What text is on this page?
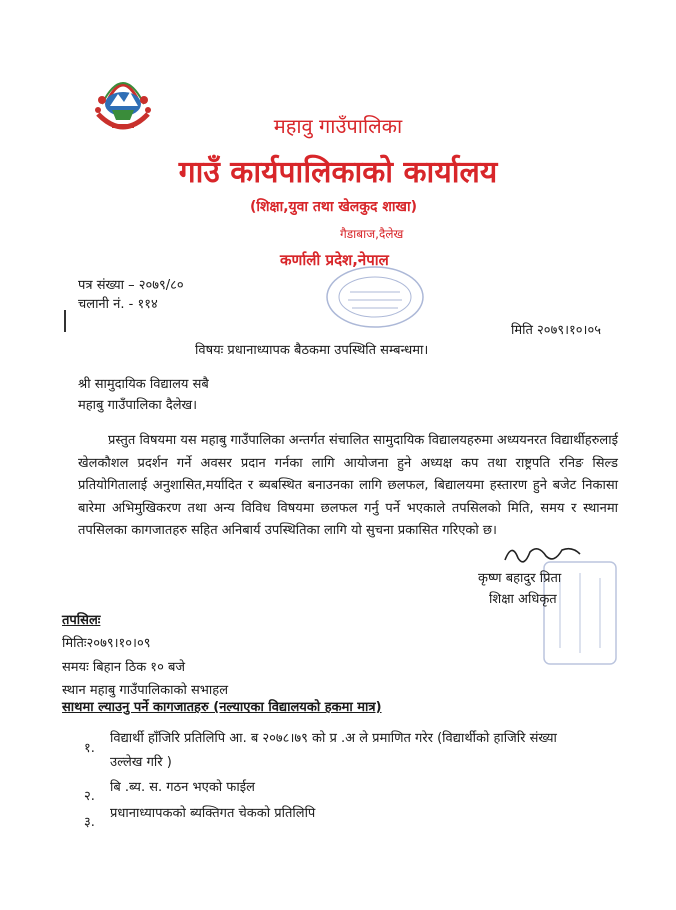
महावु गाउँपालिका
गाउँ कार्यपालिकाको कार्यालय
(शिक्षा,युवा तथा खेलकुद शाखा)
गैडाबाज,दैलेख
कर्णाली प्रदेश,नेपाल
पत्र संख्या – २०७९/८०
चलानी नं. - ११४
मिति २०७९।१०।०५
विषयः प्रधानाध्यापक बैठकमा उपस्थिति सम्बन्धमा।
श्री सामुदायिक विद्यालय सबै
महाबु गाउँपालिका दैलेख।
प्रस्तुत विषयमा यस महाबु गाउँपालिका अन्तर्गत संचालित सामुदायिक विद्यालयहरुमा अध्ययनरत विद्यार्थीहरुलाई खेलकौशल प्रदर्शन गर्ने अवसर प्रदान गर्नका लागि आयोजना हुने अध्यक्ष कप तथा राष्ट्रपति रनिङ सिल्ड प्रतियोगितालाई अनुशासित,मर्यादित र ब्यबस्थित बनाउनका लागि छलफल, बिद्यालयमा हस्तारण हुने बजेट निकासा बारेमा अभिमुखिकरण तथा अन्य विविध विषयमा छलफल गर्नु पर्ने भएकाले तपसिलको मिति, समय र स्थानमा तपसिलका कागजातहरु सहित अनिबार्य उपस्थितिका लागि यो सुचना प्रकासित गरिएको छ।
कृष्ण बहादुर प्रिता
शिक्षा अधिकृत
तपसिलः
मितिः२०७९।१०।०९
समयः बिहान ठिक १० बजे
स्थान महाबु गाउँपालिकाको सभाहल
साथमा ल्याउनु पर्ने कागजातहरु (नल्याएका विद्यालयको हकमा मात्र)
१.
विद्यार्थी हाँजिरि प्रतिलिपि आ. ब २०७८।७९ को प्र .अ ले प्रमाणित गरेर (विद्यार्थीको हाजिरि संख्या
उल्लेख गरि )
२.
बि .ब्य. स. गठन भएको फाईल
३.
प्रधानाध्यापकको ब्यक्तिगत चेकको प्रतिलिपि
